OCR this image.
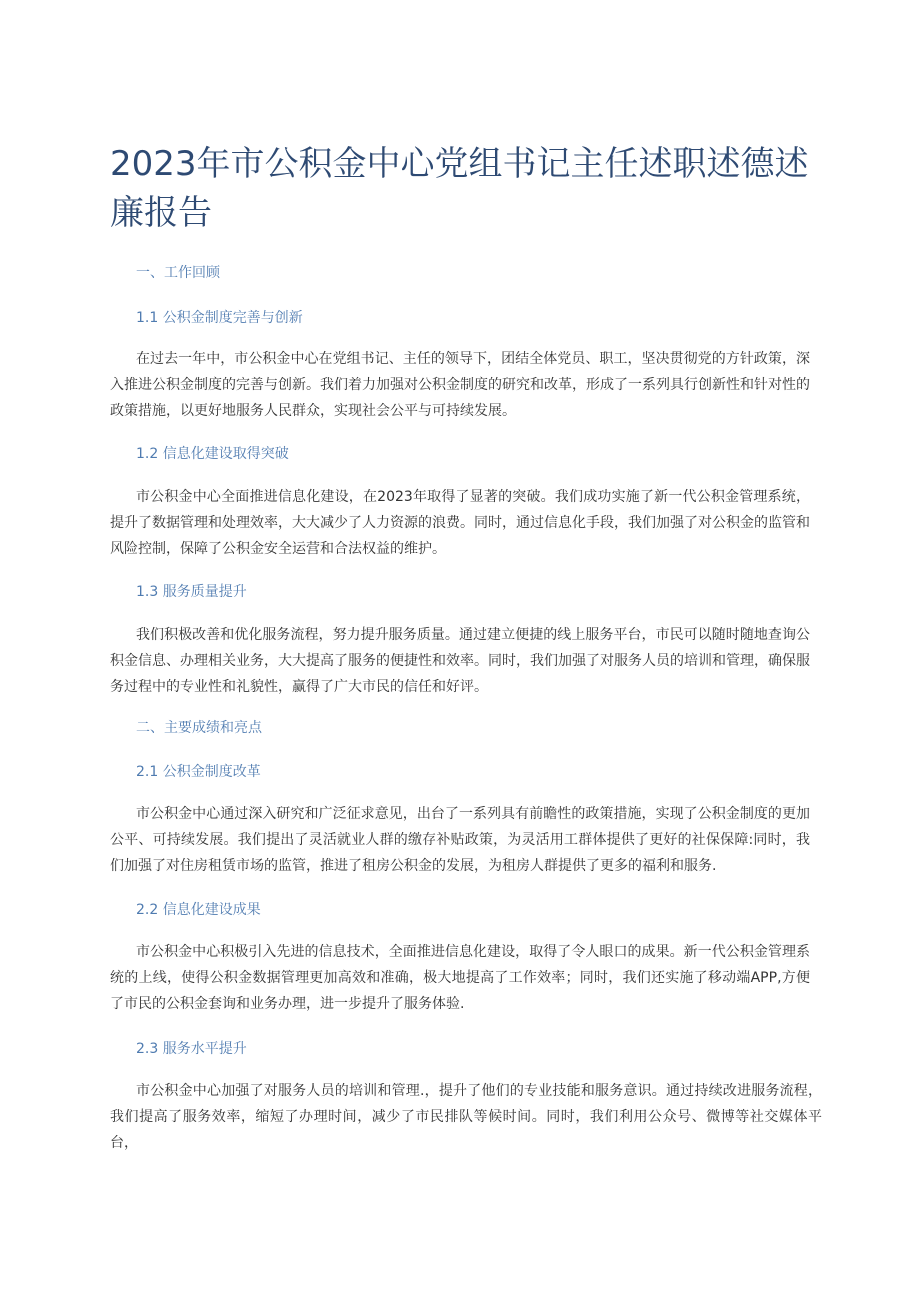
2023年市公积金中心党组书记主任述职述德述廉报告
一、工作回顾
1.1 公积金制度完善与创新

在过去一年中，市公积金中心在党组书记、主任的领导下，团结全体党员、职工，坚决贯彻党的方针政策，深入推进公积金制度的完善与创新。我们着力加强对公积金制度的研究和改革，形成了一系列具行创新性和针对性的政策措施，以更好地服务人民群众，实现社会公平与可持续发展。

1.2 信息化建设取得突破

市公积金中心全面推进信息化建设，在2023年取得了显著的突破。我们成功实施了新一代公积金管理系统，提升了数据管理和处理效率，大大减少了人力资源的浪费。同时，通过信息化手段，我们加强了对公积金的监管和风险控制，保障了公积金安全运营和合法权益的维护。

1.3 服务质量提升

我们积极改善和优化服务流程，努力提升服务质量。通过建立便捷的线上服务平台，市民可以随时随地查询公积金信息、办理相关业务，大大提高了服务的便捷性和效率。同时，我们加强了对服务人员的培训和管理，确保服务过程中的专业性和礼貌性，赢得了广大市民的信任和好评。

二、主要成绩和亮点
2.1 公积金制度改革

市公积金中心通过深入研究和广泛征求意见，出台了一系列具有前瞻性的政策措施，实现了公积金制度的更加公平、可持续发展。我们提出了灵活就业人群的缴存补贴政策，为灵活用工群体提供了更好的社保保障:同时，我们加强了对住房租赁市场的监管，推进了租房公积金的发展，为租房人群提供了更多的福利和服务.

2.2 信息化建设成果

市公积金中心积极引入先进的信息技术，全面推进信息化建设，取得了令人眼口的成果。新一代公积金管理系统的上线，使得公积金数据管理更加高效和准确，极大地提高了工作效率；同时，我们还实施了移动端APP,方便了市民的公积金套询和业务办理，进一步提升了服务体验.

2.3 服务水平提升

市公积金中心加强了对服务人员的培训和管理.，提升了他们的专业技能和服务意识。通过持续改进服务流程，我们提高了服务效率，缩短了办理时间，减少了市民排队等候时间。同时，我们利用公众号、微博等社交媒体平台，
